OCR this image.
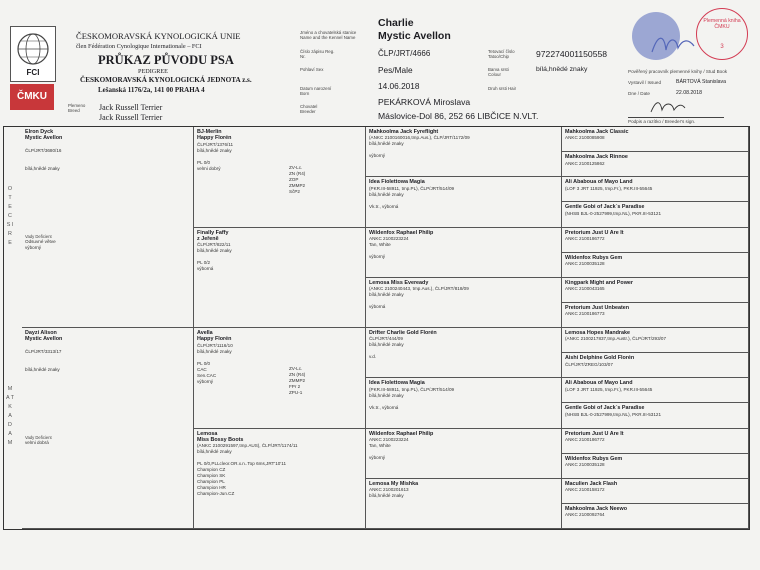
FCI
ČMKU
ČESKOMORAVSKÁ KYNOLOGICKÁ UNIE
člen Fédération Cynologique Internationale – FCI
PRŮKAZ PŮVODU PSA
PEDIGREE
ČESKOMORAVSKÁ KYNOLOGICKÁ JEDNOTA z.s.
Lešanská 1176/2a, 141 00 PRAHA 4
Plemeno Breed	Jack Russell Terrier
Jack Russell Terrier
Jméno a chovatelská stanice Name and the Kennel Name
Charlie
Mystic Avellon
Číslo zápisu Reg. Nr.	ČLP/JRT/4666	Tetovací číslo Tatoo/Chip	972274001150558
Pohlaví Sex	Pes/Male	Barva srsti Colour
bílá,hnědé znaky
Datum narození Born
14.06.2018	Druh srsti Hair
Chovatel Breeder
PEKÁRKOVÁ Miroslava
Máslovice-Dol 86, 252 66 LIBČICE N.VLT.
Plemenná kniha ČMKU
3
Pověřený pracovník plemenné knihy / Stud Book
Vystavil / Issued	BÁRTOVÁ Stanislava
Dne / Date	22.08.2018
Podpis a razítko / Breeder's sign.
O T E C S I R E
M A T K A D A M
Elron Dyck
Mystic Avellon
ČLP/JRT/3680/16
bílá,hnědé znaky
Vady Deficient
Odsuvné větve
výborný
Dayzi Alison
Mystic Avellon
ČLP/JRT/3313/17
bílá,hnědé znaky
Vady Deficient
velmi dobrá
BJ-Merlin
Happy Florén
ČLP/JRT/1376/11
bílá,hnědé znaky
PL 0/0
velmi dobrý	ZV-Lc.
ZN (R4)
ZOP
ZMMP2
SčP2
Finally Faffy
z Jeřeně
ČLP/JRT/822/11
bílá,hnědé znaky
PL 0/2
výborná
Avella
Happy Florén
ČLP/JRT/1116/10
bílá,hnědé znaky
PL 0/0
CAC
Sen.CAC
výborný
ZV-Lc.
ZN (R4)
ZMMP2
FPr 2
ZPU-1
Lemosa
Miss Bossy Boots
(ANKC 2100291597,tmp.AUS), ČLP/JRT/1174/11
bílá,hnědé znaky
PL 0/0,PLLcleor.OR.x.n..Top 6ms,JRT'10'11
Champion CZ
Champion SK
Champion PL
Champion HR
Champion-Jun.CZ
Mahkoolma Jack Fyreflight
(ANKC 2100160016,tmp.Aus.), ČLP/JRT/1172/09
bílá,hnědé znaky
výborný
Idea Fiolettowa Magia
(PKR.III-58911, tmp.PL), ČLP/JRT/514/09
bílá,hnědé znaky
Vk.tr., výborná
Wildenfox Raphael Philip
ANKC 2100223224
Tan, White
výborný
Lemosa Miss Eveready
(ANKC 2100240443, tmp.Aus.), ČLP/JRT/818/09
bílá,hnědé znaky
výborná
Drifter Charlie Gold Florén
ČLP/JRT/444/09
bílá,hnědé znaky
v.d.
Idea Fiolettowa Magia
(PKR.III-58911, tmp.PL), ČLP/JRT/514/09
bílá,hnědé znaky
Vk.tr., výborná
Wildenfox Raphael Philip
ANKC 2100223224
Tan, White
výborný
Lemosa My Mishka
ANKC 2100201613
bílá,hnědé znaky
Mahkoolma Jack Classic
ANKC 2100085908
Mahkoolma Jack Rinnoe
ANKC 2100125862
Ali Ababoua of Mayo Land
(LOF 3 JRT 11925, tmp.Fr.), PKR.III-55645
Gentle Gobi of Jack´s Paradise
(NHSB BJL-0-2527999,tmp.NL), PKR.III-53121
Pretorium Just U Are It
ANKC 2100186772
Wildenfox Rubys Gem
ANKC 2100035128
Kingpark Might and Power
ANKC 2100043165
Pretorium Just Unbeaten
ANKC 2100186773
Lemosa Hopes Mandrake
(ANKC 2100217837,tmp.Austr.), ČLP/JRT/293/07
Aishi Delphine Gold Florén
ČLP/JRT/ZREG/103/07
Ali Ababoua of Mayo Land
(LOF 3 JRT 11925, tmp.Fr.), PKR.III-55645
Gentle Gobi of Jack´s Paradise
(NHSB BJL-0-2527999,tmp.NL), PKR.III-53121
Pretorium Just U Are It
ANKC 2100186772
Wildenfox Rubys Gem
ANKC 2100035128
Maculien Jack Flash
ANKC 2100158172
Mahkoolma Jack Neewo
ANKC 2100092764
